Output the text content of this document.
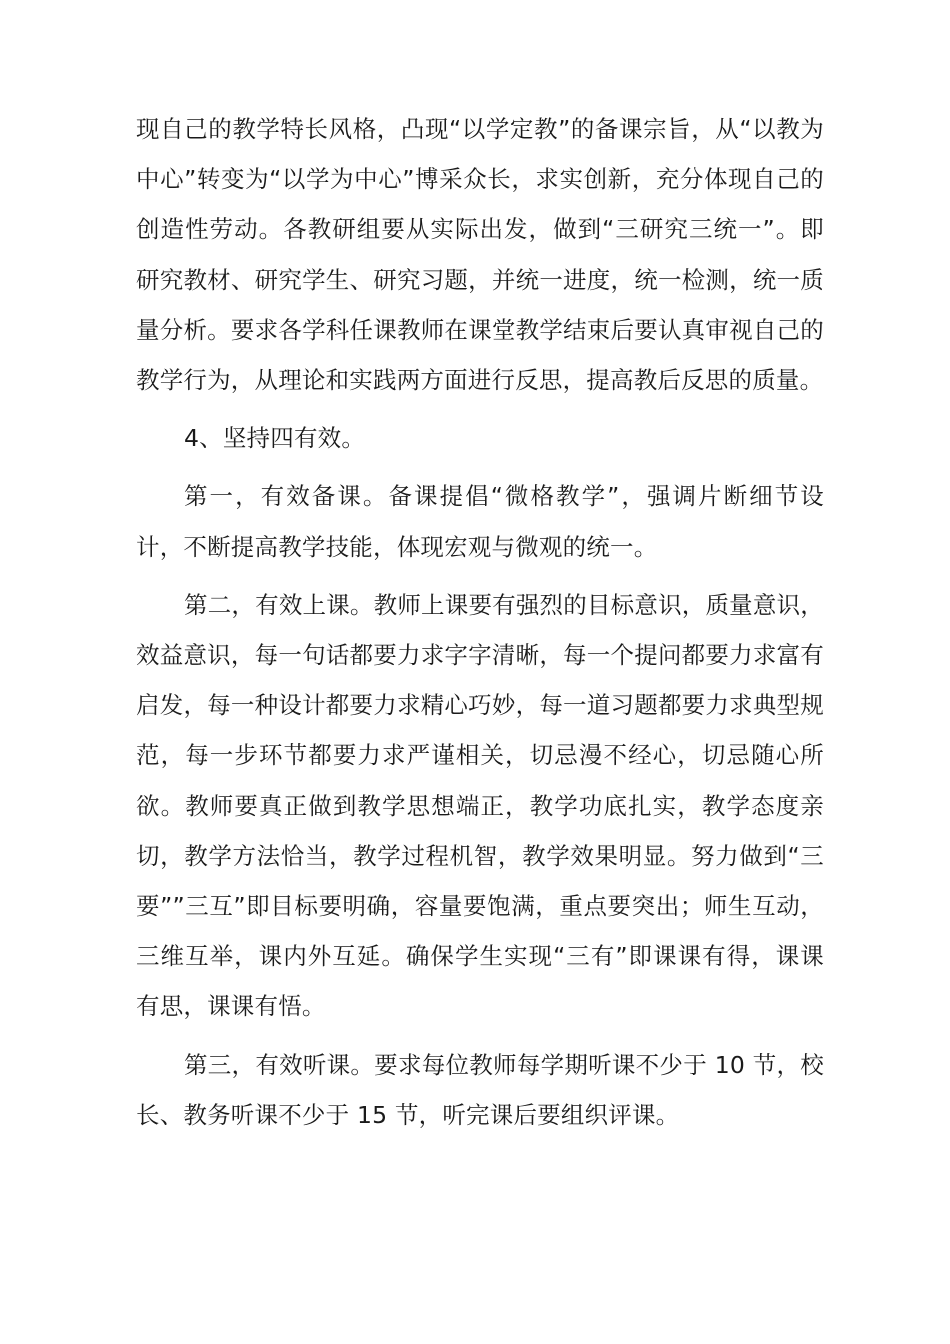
现自己的教学特长风格，凸现“以学定教”的备课宗旨，从“以教为中心”转变为“以学为中心”博采众长，求实创新，充分体现自己的创造性劳动。各教研组要从实际出发，做到“三研究三统一”。即研究教材、研究学生、研究习题，并统一进度，统一检测，统一质量分析。要求各学科任课教师在课堂教学结束后要认真审视自己的教学行为，从理论和实践两方面进行反思，提高教后反思的质量。

4、坚持四有效。

第一，有效备课。备课提倡“微格教学”，强调片断细节设计，不断提高教学技能，体现宏观与微观的统一。

第二，有效上课。教师上课要有强烈的目标意识，质量意识，效益意识，每一句话都要力求字字清晰，每一个提问都要力求富有启发，每一种设计都要力求精心巧妙，每一道习题都要力求典型规范，每一步环节都要力求严谨相关，切忌漫不经心，切忌随心所欲。教师要真正做到教学思想端正，教学功底扎实，教学态度亲切，教学方法恰当，教学过程机智，教学效果明显。努力做到“三要””三互”即目标要明确，容量要饱满，重点要突出；师生互动，三维互举，课内外互延。确保学生实现“三有”即课课有得，课课有思，课课有悟。

第三，有效听课。要求每位教师每学期听课不少于 10 节，校长、教务听课不少于 15 节，听完课后要组织评课。
